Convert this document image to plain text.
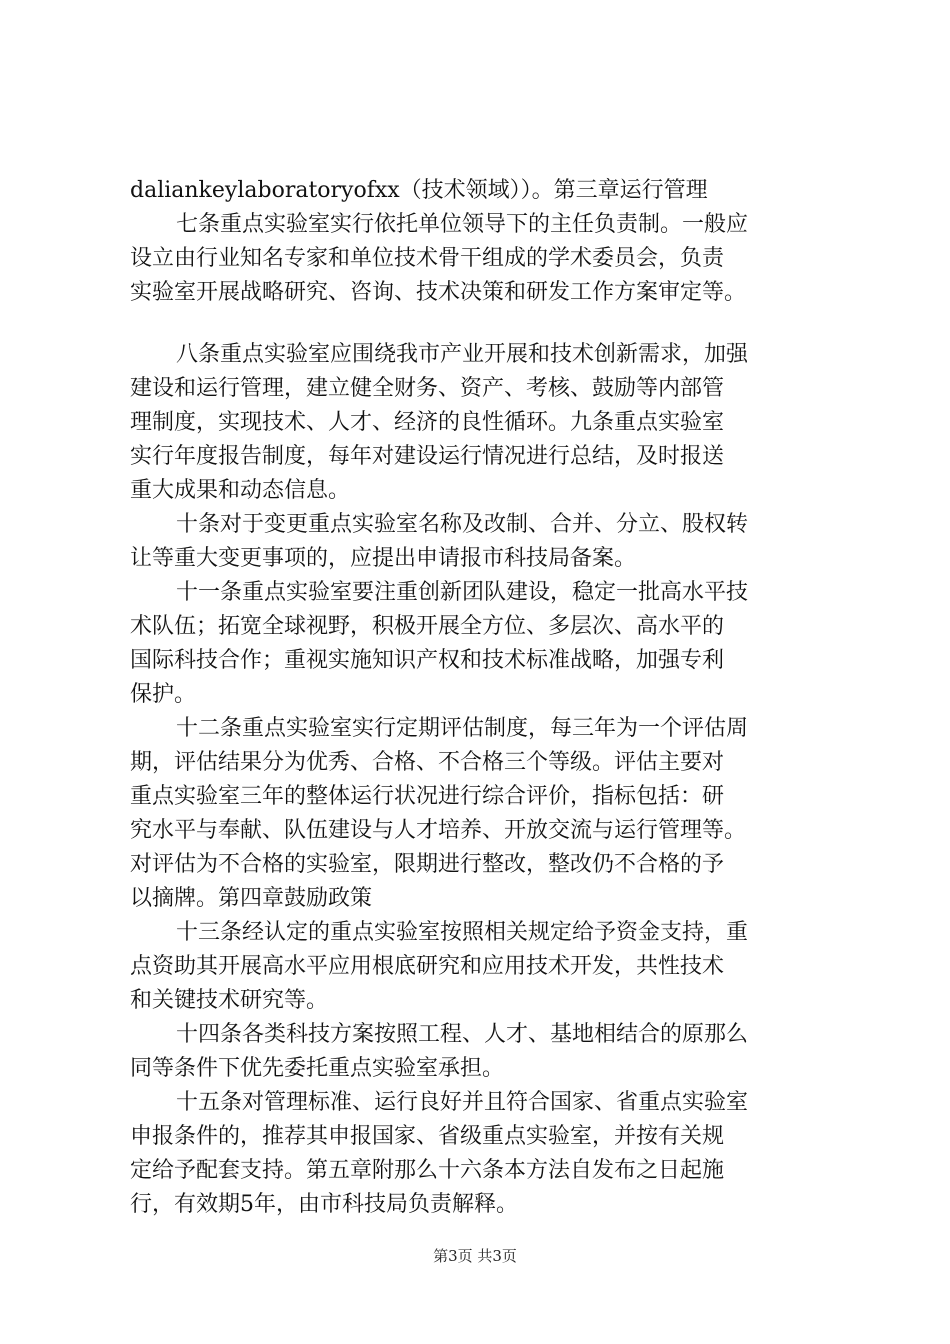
daliankeylaboratoryofxx（技术领域））。第三章运行管理
七条重点实验室实行依托单位领导下的主任负责制。一般应
设立由行业知名专家和单位技术骨干组成的学术委员会，负责
实验室开展战略研究、咨询、技术决策和研发工作方案审定等。
八条重点实验室应围绕我市产业开展和技术创新需求，加强
建设和运行管理，建立健全财务、资产、考核、鼓励等内部管
理制度，实现技术、人才、经济的良性循环。九条重点实验室
实行年度报告制度，每年对建设运行情况进行总结，及时报送
重大成果和动态信息。
十条对于变更重点实验室名称及改制、合并、分立、股权转
让等重大变更事项的，应提出申请报市科技局备案。
十一条重点实验室要注重创新团队建设，稳定一批高水平技
术队伍；拓宽全球视野，积极开展全方位、多层次、高水平的
国际科技合作；重视实施知识产权和技术标准战略，加强专利
保护。
十二条重点实验室实行定期评估制度，每三年为一个评估周
期，评估结果分为优秀、合格、不合格三个等级。评估主要对
重点实验室三年的整体运行状况进行综合评价，指标包括：研
究水平与奉献、队伍建设与人才培养、开放交流与运行管理等。
对评估为不合格的实验室，限期进行整改，整改仍不合格的予
以摘牌。第四章鼓励政策
十三条经认定的重点实验室按照相关规定给予资金支持，重
点资助其开展高水平应用根底研究和应用技术开发，共性技术
和关键技术研究等。
十四条各类科技方案按照工程、人才、基地相结合的原那么
同等条件下优先委托重点实验室承担。
十五条对管理标准、运行良好并且符合国家、省重点实验室
申报条件的，推荐其申报国家、省级重点实验室，并按有关规
定给予配套支持。第五章附那么十六条本方法自发布之日起施
行，有效期5年，由市科技局负责解释。
第3页 共3页
